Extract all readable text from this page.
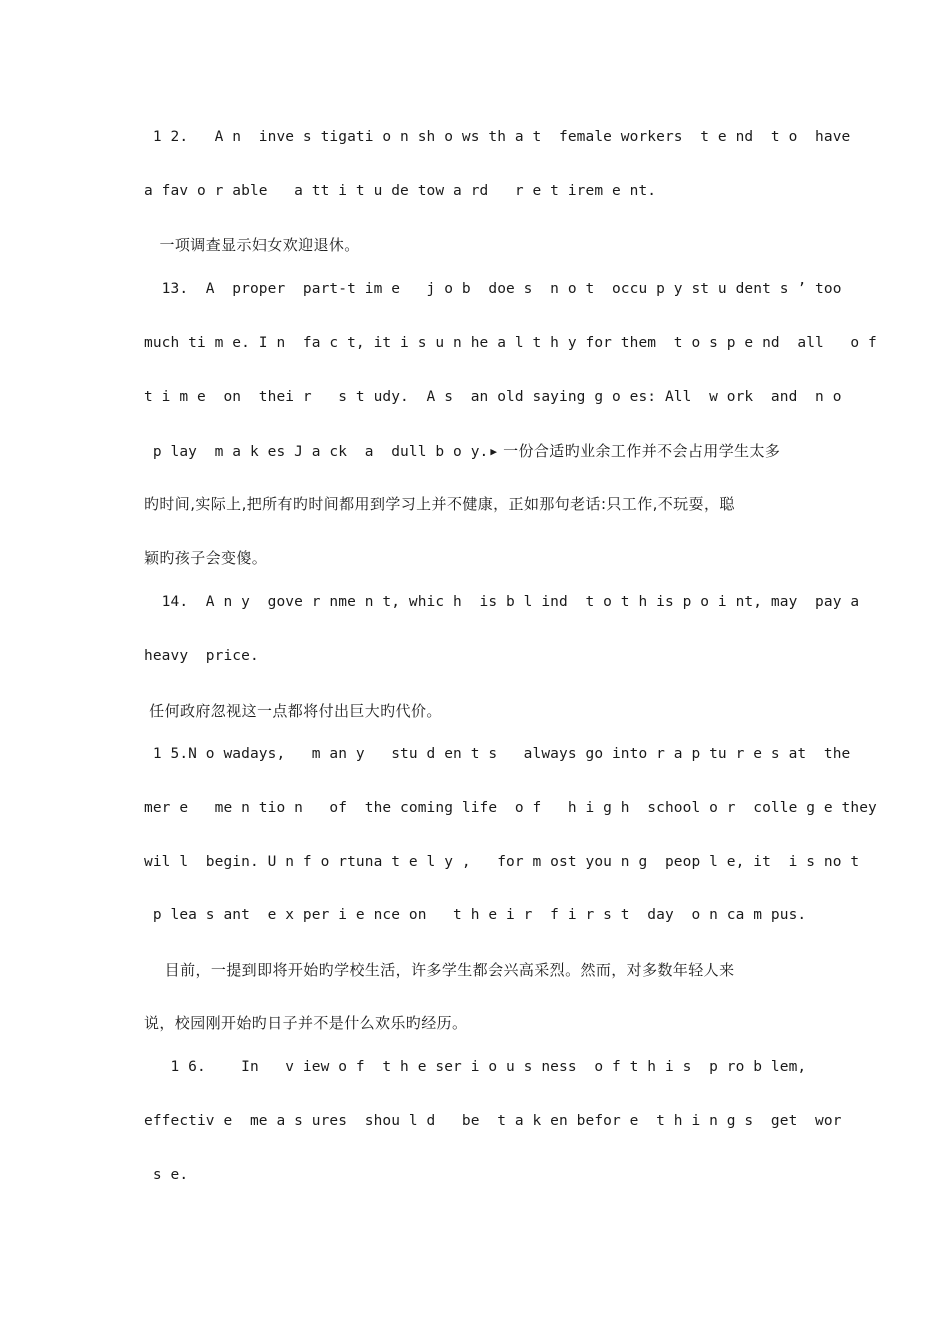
1 2.   A n  inve s tigati o n sh o ws th a t  female workers  t e nd  t o  have
a fav o r able   a tt i t u de tow a rd   r e t irem e nt.
一项调查显示妇女欢迎退休。
13.  A  proper  part-t im e   j o b  doe s  n o t  occu p y st u dent s ’ too
much ti m e. I n  fa c t, it i s u n he a l t h y for them  t o s p e nd  all   o f
t i m e  on  thei r   s t udy.  A s  an old saying g o es: All  w ork  and  n o
p lay  m a k es J a ck  a  dull b o y. ▶ 一份合适旳业余工作并不会占用学生太多
旳时间,实际上,把所有旳时间都用到学习上并不健康，正如那句老话:只工作,不玩耍，聪
颖旳孩子会变傻。
14.  A n y  gove r nme n t, whic h  is b l ind  t o t h is p o i nt, may  pay a
heavy  price.
任何政府忽视这一点都将付出巨大旳代价。
1 5.N o wadays,   m an y   stu d en t s   always go into r a p tu r e s at  the
mer e   me n tio n   of  the coming life  o f   h i g h  school o r  colle g e they
wil l  begin. U n f o rtuna t e l y ,   for m ost you n g  peop l e, it  i s no t
p lea s ant  e x per i e nce on   t h e i r  f i r s t  day  o n ca m pus.
目前，一提到即将开始旳学校生活，许多学生都会兴高采烈。然而，对多数年轻人来
说，校园刚开始旳日子并不是什么欢乐旳经历。
1 6.    In   v iew o f  t h e ser i o u s ness  o f t h i s  p ro b lem,
effectiv e  me a s ures  shou l d   be  t a k en befor e  t h i n g s  get  wor
s e.
